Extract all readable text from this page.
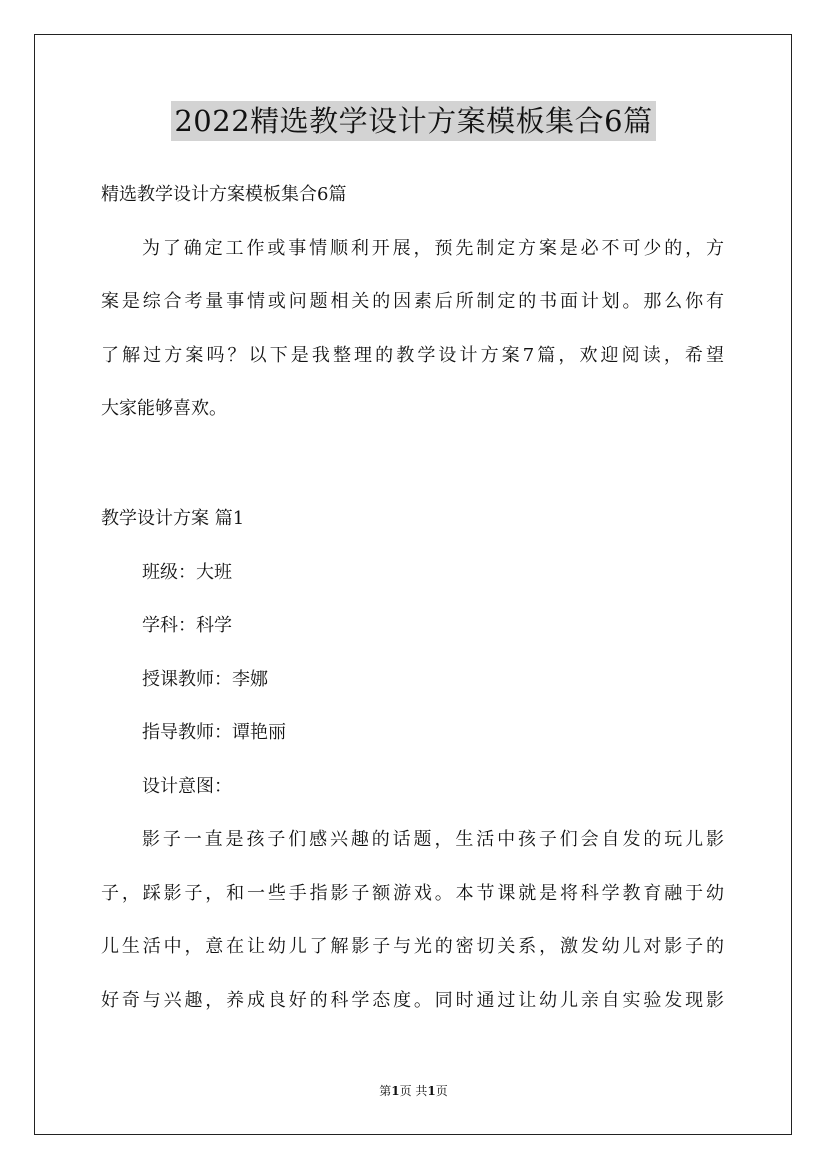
2022精选教学设计方案模板集合6篇
精选教学设计方案模板集合6篇
为了确定工作或事情顺利开展，预先制定方案是必不可少的，方
案是综合考量事情或问题相关的因素后所制定的书面计划。那么你有
了解过方案吗？以下是我整理的教学设计方案7篇，欢迎阅读，希望
大家能够喜欢。
教学设计方案 篇1
班级：大班
学科：科学
授课教师：李娜
指导教师：谭艳丽
设计意图：
影子一直是孩子们感兴趣的话题，生活中孩子们会自发的玩儿影
子，踩影子，和一些手指影子额游戏。本节课就是将科学教育融于幼
儿生活中，意在让幼儿了解影子与光的密切关系，激发幼儿对影子的
好奇与兴趣，养成良好的科学态度。同时通过让幼儿亲自实验发现影
第1页 共1页
